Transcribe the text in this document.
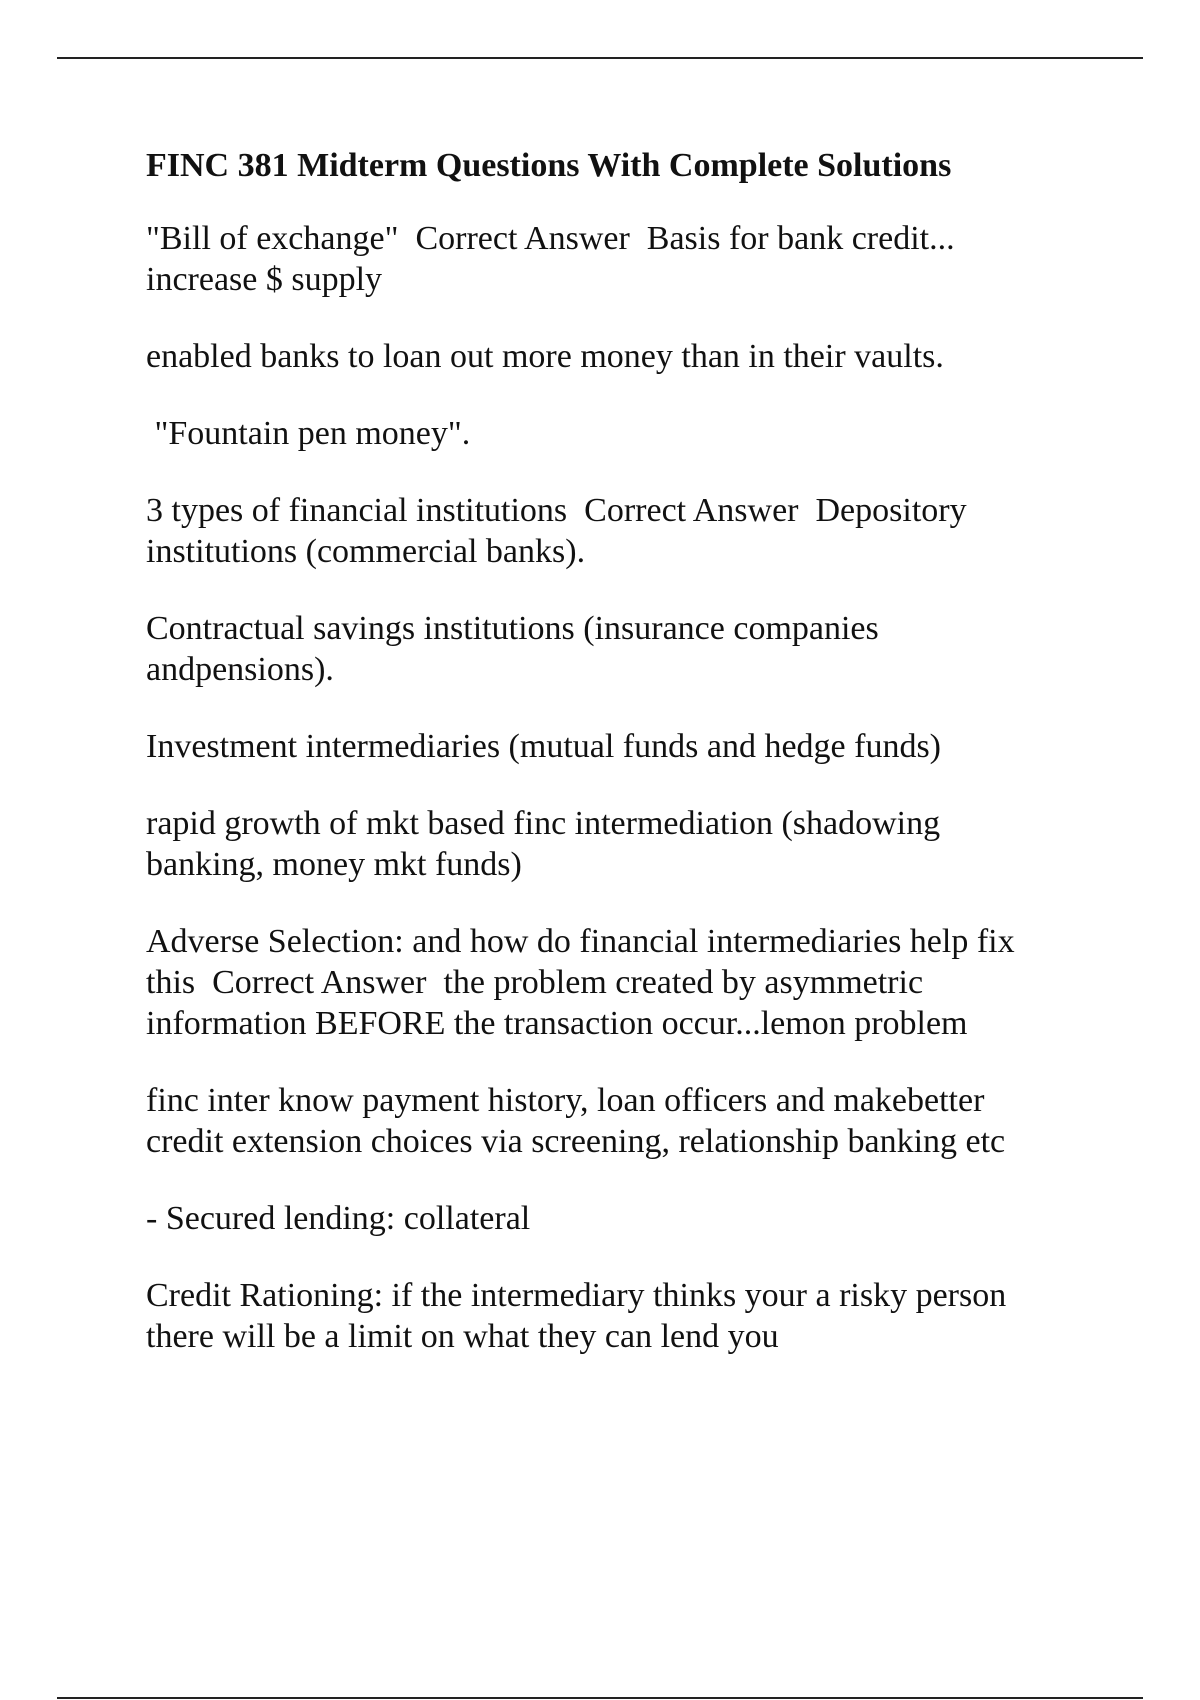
FINC 381 Midterm Questions With Complete Solutions
"Bill of exchange"  Correct Answer  Basis for bank credit...
increase $ supply
enabled banks to loan out more money than in their vaults.
"Fountain pen money".
3 types of financial institutions  Correct Answer  Depository
institutions (commercial banks).
Contractual savings institutions (insurance companies
andpensions).
Investment intermediaries (mutual funds and hedge funds)
rapid growth of mkt based finc intermediation (shadowing
banking, money mkt funds)
Adverse Selection: and how do financial intermediaries help fix
this  Correct Answer  the problem created by asymmetric
information BEFORE the transaction occur...lemon problem
finc inter know payment history, loan officers and makebetter
credit extension choices via screening, relationship banking etc
- Secured lending: collateral
Credit Rationing: if the intermediary thinks your a risky person
there will be a limit on what they can lend you
